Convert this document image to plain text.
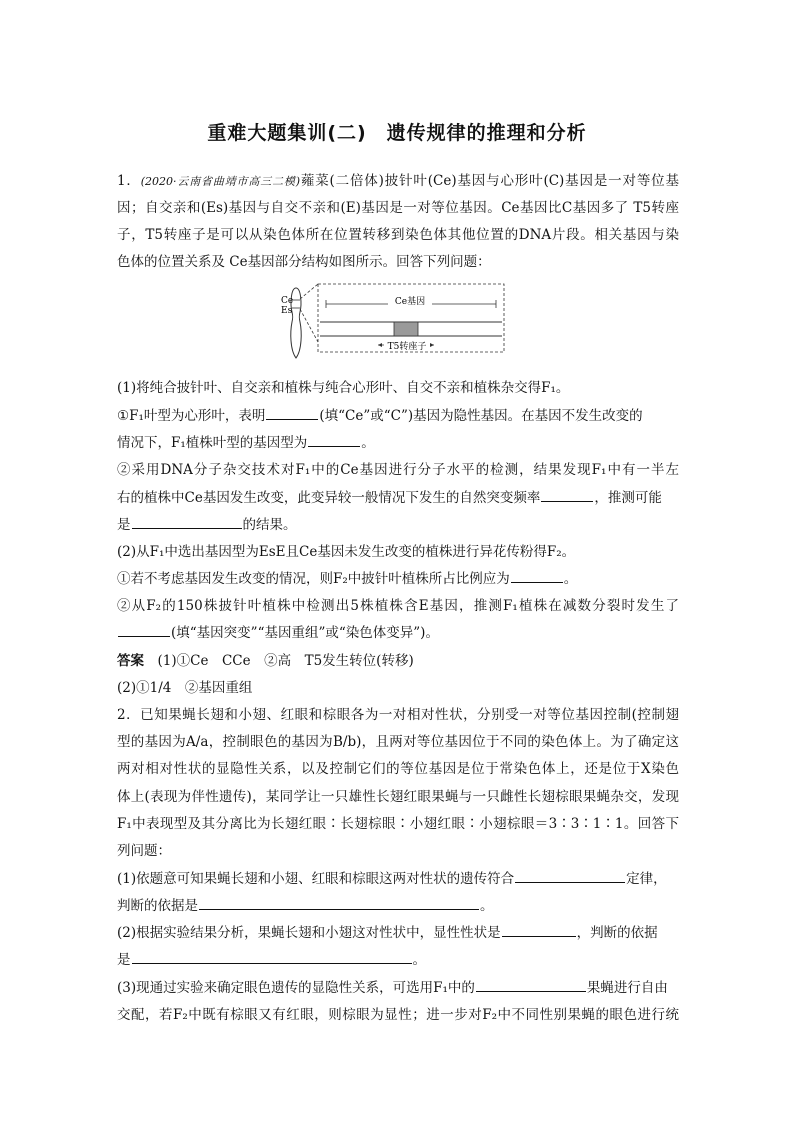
重难大题集训(二)　遗传规律的推理和分析
1．(2020·云南省曲靖市高三二模)蕹菜(二倍体)披针叶(Ce)基因与心形叶(C)基因是一对等位基
因；自交亲和(Es)基因与自交不亲和(E)基因是一对等位基因。Ce基因比C基因多了 T5转座
子，T5转座子是可以从染色体所在位置转移到染色体其他位置的DNA片段。相关基因与染
色体的位置关系及 Ce基因部分结构如图所示。回答下列问题：
Ce
Es
Ce基因
T5转座子
(1)将纯合披针叶、自交亲和植株与纯合心形叶、自交不亲和植株杂交得F₁。
①F₁叶型为心形叶，表明	(填“Ce”或“C”)基因为隐性基因。在基因不发生改变的
情况下，F₁植株叶型的基因型为	。
②采用DNA分子杂交技术对F₁中的Ce基因进行分子水平的检测，结果发现F₁中有一半左
右的植株中Ce基因发生改变，此变异较一般情况下发生的自然突变频率	，推测可能
是	的结果。
(2)从F₁中选出基因型为EsE且Ce基因未发生改变的植株进行异花传粉得F₂。
①若不考虑基因发生改变的情况，则F₂中披针叶植株所占比例应为	。
②从F₂的150株披针叶植株中检测出5株植株含E基因，推测F₁植株在减数分裂时发生了
(填“基因突变”“基因重组”或“染色体变异”)。
答案　 (1)①Ce　CCe　②高　T5发生转位(转移)
(2)①1/4　②基因重组
2．已知果蝇长翅和小翅、红眼和棕眼各为一对相对性状，分别受一对等位基因控制(控制翅
型的基因为A/a，控制眼色的基因为B/b)，且两对等位基因位于不同的染色体上。为了确定这
两对相对性状的显隐性关系，以及控制它们的等位基因是位于常染色体上，还是位于X染色
体上(表现为伴性遗传)，某同学让一只雄性长翅红眼果蝇与一只雌性长翅棕眼果蝇杂交，发现
F₁中表现型及其分离比为长翅红眼∶长翅棕眼∶小翅红眼∶小翅棕眼＝3∶3∶1∶1。回答下
列问题：
(1)依题意可知果蝇长翅和小翅、红眼和棕眼这两对性状的遗传符合	定律，
判断的依据是	。
(2)根据实验结果分析，果蝇长翅和小翅这对性状中，显性性状是	，判断的依据
是	。
(3)现通过实验来确定眼色遗传的显隐性关系，可选用F₁中的	果蝇进行自由
交配，若F₂中既有棕眼又有红眼，则棕眼为显性；进一步对F₂中不同性别果蝇的眼色进行统
